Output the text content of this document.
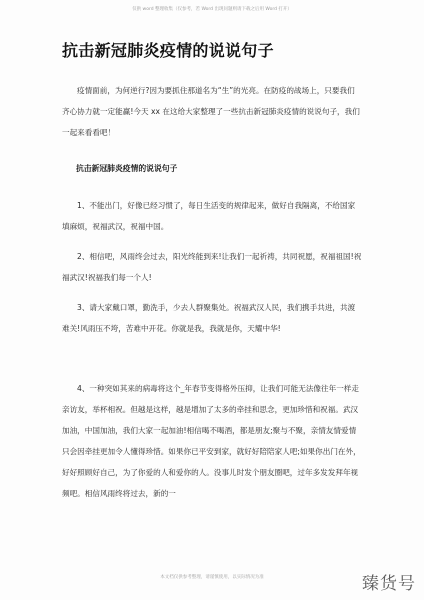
仅供 word 整理收集（仅参考，若 Word 出现问题则请下载之后用 Word 打开）
抗击新冠肺炎疫情的说说句子

疫情面前，为何逆行?因为要抓住那道名为“生”的光亮。在防疫的战场上，只要我们齐心协力就一定能赢!今天 xx 在这给大家整理了一些抗击新冠肺炎疫情的说说句子，我们一起来看看吧！

抗击新冠肺炎疫情的说说句子

1、不能出门，好像已经习惯了，每日生活变的规律起来，做好自我隔离，不给国家填麻烦，祝福武汉，祝福中国。

2、相信吧，风雨终会过去，阳光终能到来!让我们一起祈祷，共同祝愿，祝福祖国!祝福武汉!祝福我们每一个人!

3、请大家戴口罩，勤洗手，少去人群聚集处。祝福武汉人民，我们携手共进，共渡难关!风雨压不垮，苦难中开花。你就是我，我就是你，天耀中华!

4、一种突如其来的病毒将这个_年春节变得格外压抑，让我们可能无法像往年一样走亲访友，举杯相祝。但越是这样，越是增加了太多的牵挂和思念，更加珍惜和祝福。武汉加油，中国加油，我们大家一起加油!相信喝不喝酒，都是朋友;聚与不聚，亲情友情爱情只会因牵挂更加令人懂得珍惜。如果你已平安到家，就好好陪陪家人吧;如果你出门在外，好好照顾好自己，为了你爱的人和爱你的人。没事儿时发个朋友圈吧，过年多发发拜年视频吧。相信风雨终将过去，新的一

本文档仅供参考整理，请谨慎使用，以实际情况为准	臻货号
